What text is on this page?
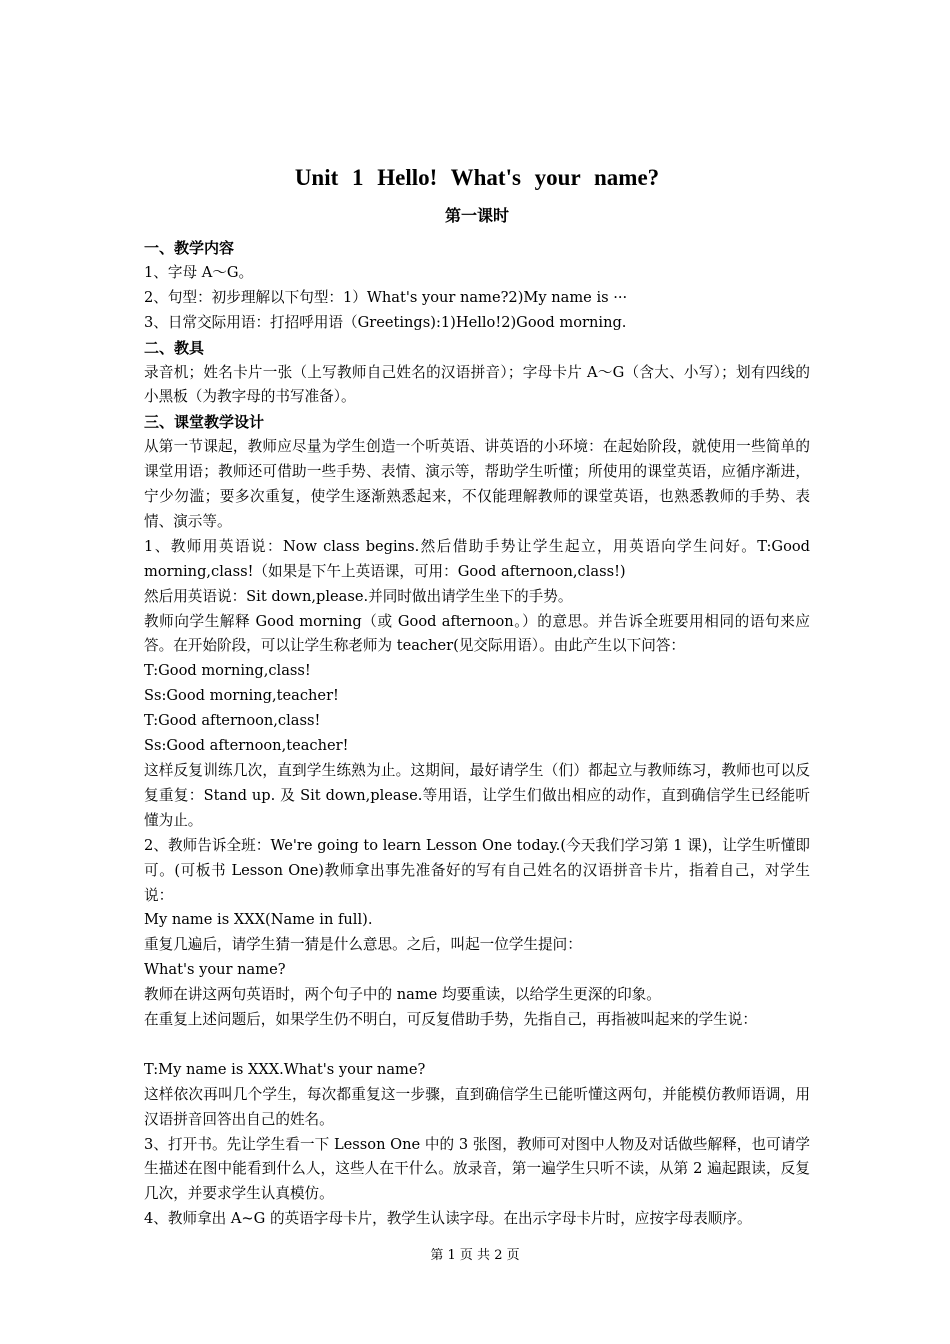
Unit 1 Hello! What's your name?
第一课时
一、教学内容
1、字母 A～G。
2、句型：初步理解以下句型：1）What's your name?2)My name is ···
3、日常交际用语：打招呼用语（Greetings):1)Hello!2)Good morning.
二、教具
录音机；姓名卡片一张（上写教师自己姓名的汉语拼音）；字母卡片 A～G（含大、小写）；划有四线的小黑板（为教字母的书写准备）。
三、课堂教学设计
从第一节课起，教师应尽量为学生创造一个听英语、讲英语的小环境：在起始阶段，就使用一些简单的课堂用语；教师还可借助一些手势、表情、演示等，帮助学生听懂；所使用的课堂英语，应循序渐进，宁少勿滥；要多次重复，使学生逐渐熟悉起来，不仅能理解教师的课堂英语，也熟悉教师的手势、表情、演示等。
1、教师用英语说：Now class begins.然后借助手势让学生起立，用英语向学生问好。T:Good morning,class!（如果是下午上英语课，可用：Good afternoon,class!)
然后用英语说：Sit down,please.并同时做出请学生坐下的手势。
教师向学生解释 Good morning（或 Good afternoon。）的意思。并告诉全班要用相同的语句来应答。在开始阶段，可以让学生称老师为 teacher(见交际用语）。由此产生以下问答：
T:Good morning,class!
Ss:Good morning,teacher!
T:Good afternoon,class!
Ss:Good afternoon,teacher!
这样反复训练几次，直到学生练熟为止。这期间，最好请学生（们）都起立与教师练习，教师也可以反复重复：Stand up. 及 Sit down,please.等用语，让学生们做出相应的动作，直到确信学生已经能听懂为止。
2、教师告诉全班：We're going to learn Lesson One today.(今天我们学习第 1 课)，让学生听懂即可。(可板书 Lesson One)教师拿出事先准备好的写有自己姓名的汉语拼音卡片，指着自己，对学生说：
My name is XXX(Name in full).
重复几遍后，请学生猜一猜是什么意思。之后，叫起一位学生提问：
What's your name?
教师在讲这两句英语时，两个句子中的 name 均要重读，以给学生更深的印象。
在重复上述问题后，如果学生仍不明白，可反复借助手势，先指自己，再指被叫起来的学生说：
T:My name is XXX.What's your name?
这样依次再叫几个学生，每次都重复这一步骤，直到确信学生已能听懂这两句，并能模仿教师语调，用汉语拼音回答出自己的姓名。
3、打开书。先让学生看一下 Lesson One 中的 3 张图，教师可对图中人物及对话做些解释，也可请学生描述在图中能看到什么人，这些人在干什么。放录音，第一遍学生只听不读，从第 2 遍起跟读，反复几次，并要求学生认真模仿。
4、教师拿出 A~G 的英语字母卡片，教学生认读字母。在出示字母卡片时，应按字母表顺序。
第 1 页 共 2 页
